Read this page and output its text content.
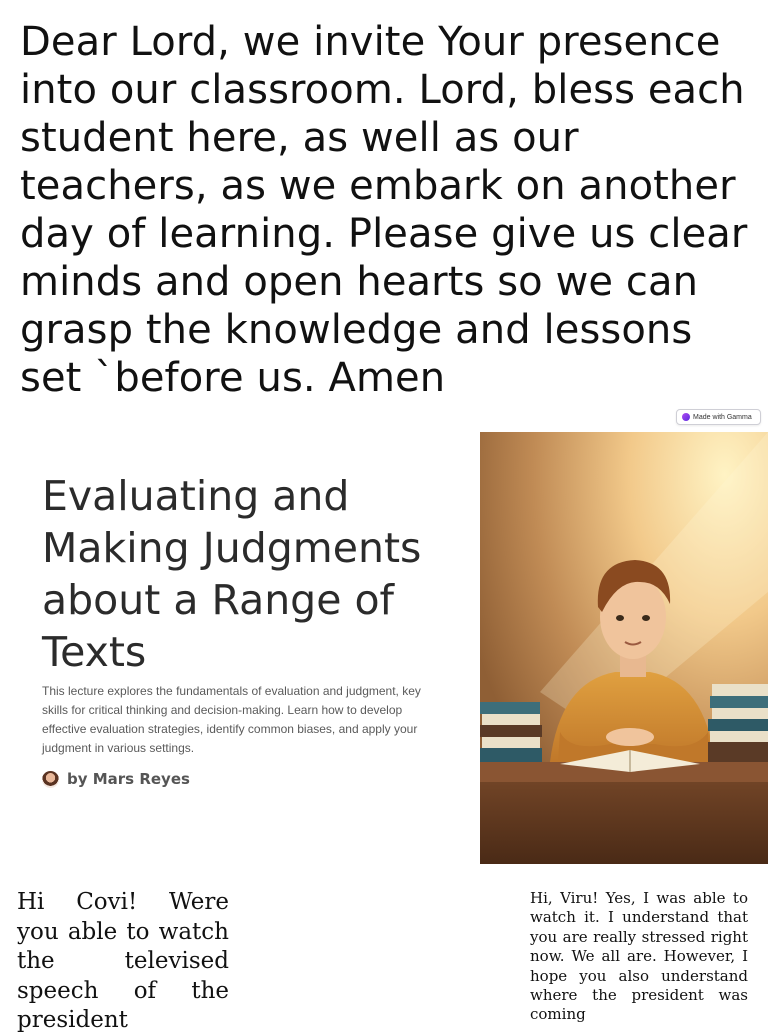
Dear Lord, we invite Your presence into our classroom. Lord, bless each student here, as well as our teachers, as we embark on another day of learning. Please give us clear minds and open hearts so we can grasp the knowledge and lessons set `before us. Amen
Made with Gamma
Evaluating and Making Judgments about a Range of Texts
This lecture explores the fundamentals of evaluation and judgment, key skills for critical thinking and decision-making. Learn how to develop effective evaluation strategies, identify common biases, and apply your judgment in various settings.
by Mars Reyes
Hi Covi! Were you able to watch the televised speech of the president
Hi, Viru! Yes, I was able to watch it. I understand that you are really stressed right now. We all are. However, I hope you also understand where the president was coming
